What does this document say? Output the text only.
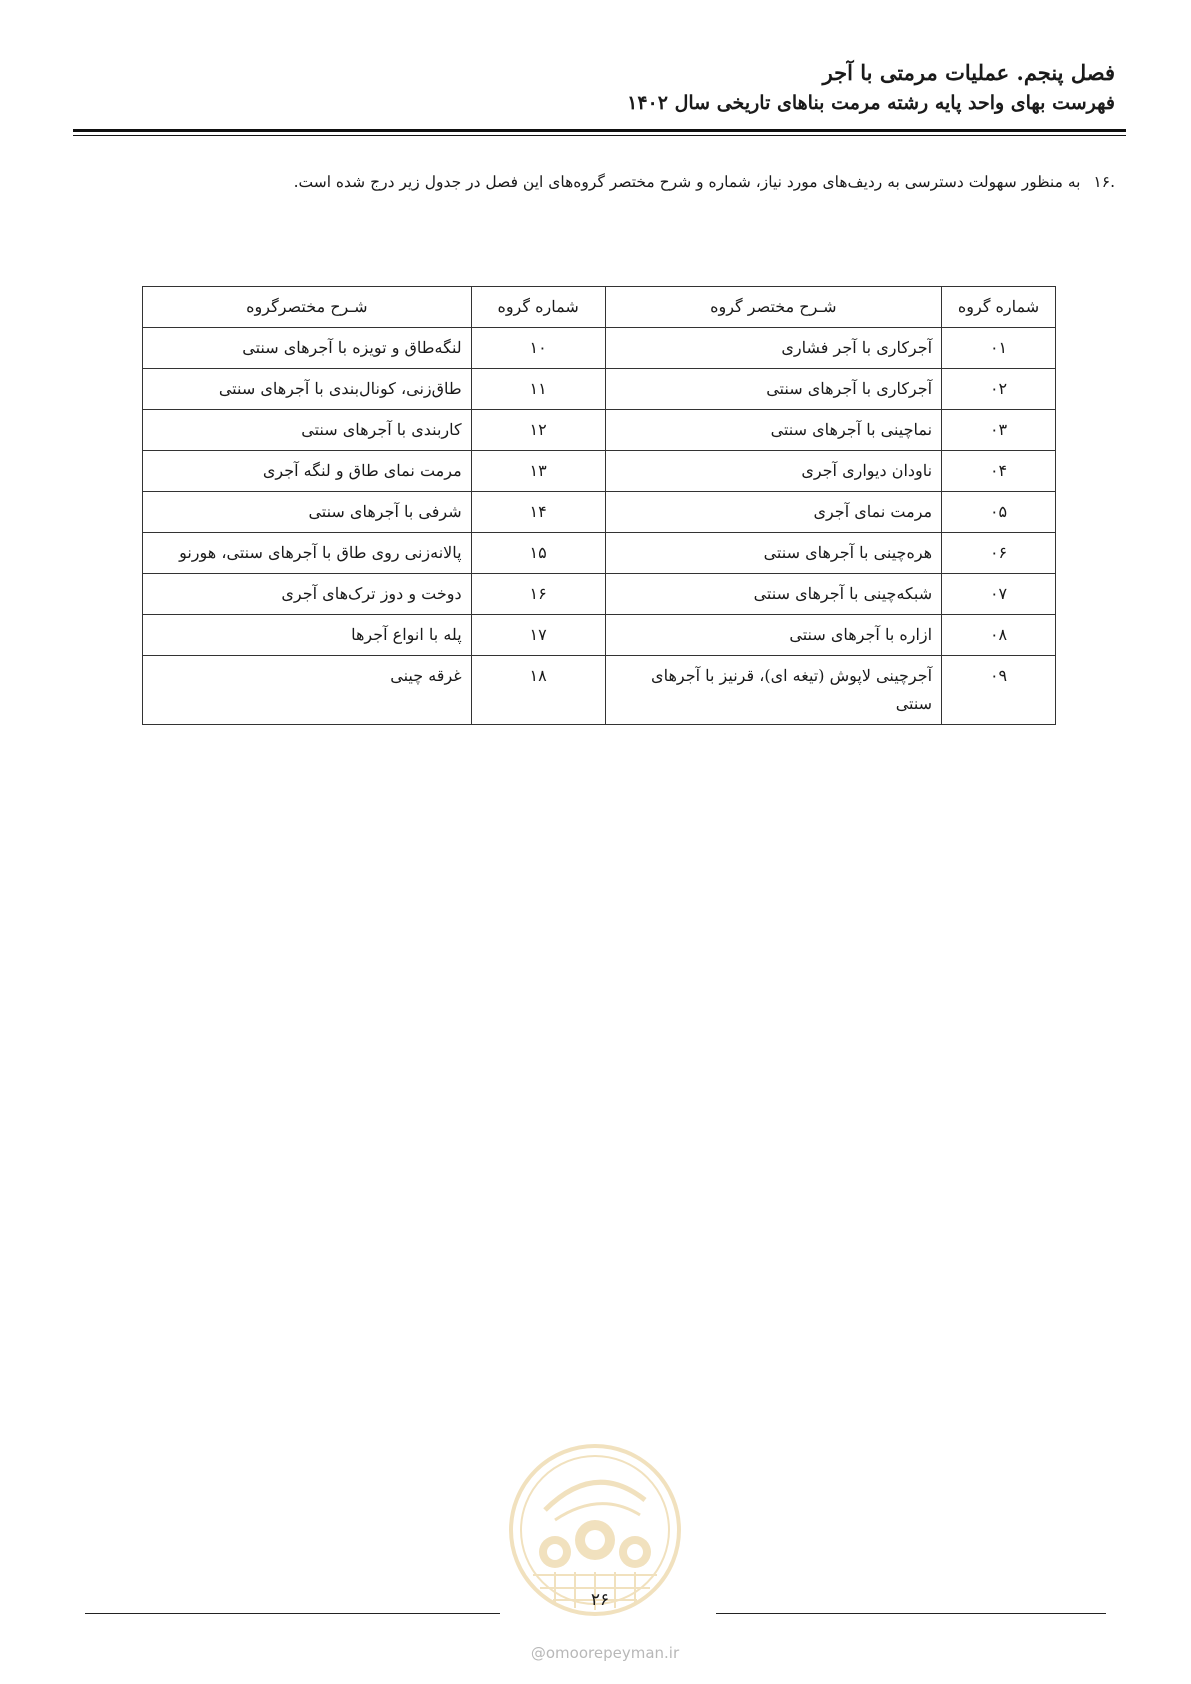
فصل پنجم. عملیات مرمتی با آجر
فهرست بهای واحد پایه رشته مرمت بناهای تاریخی سال ۱۴۰۲
.۱۶ به منظور سهولت دسترسی به ردیف‌های مورد نیاز، شماره و شرح مختصر گروه‌های این فصل در جدول زیر درج شده است.
شماره گروه	شـرح مختصر گروه	شماره گروه	شـرح مختصرگروه
۰۱	آجرکاری با آجر فشاری	۱۰	لنگه‌طاق و تویزه با آجرهای سنتی
۰۲	آجرکاری با آجرهای سنتی	۱۱	طاق‌زنی، کونال‌بندی با آجرهای سنتی
۰۳	نماچینی با آجرهای سنتی	۱۲	کاربندی با آجرهای سنتی
۰۴	ناودان دیواری آجری	۱۳	مرمت نمای طاق و لنگه آجری
۰۵	مرمت نمای آجری	۱۴	شرفی با آجرهای سنتی
۰۶	هره‌چینی با آجرهای سنتی	۱۵	پالانه‌زنی روی طاق با آجرهای سنتی، هورنو
۰۷	شبکه‌چینی با آجرهای سنتی	۱۶	دوخت و دوز ترک‌های آجری
۰۸	ازاره با آجرهای سنتی	۱۷	پله با انواع آجرها
۰۹	آجرچینی لاپوش (تیغه ای)، قرنیز با آجرهای سنتی	۱۸	غرقه چینی
۲۶
@omoorepeyman.ir
